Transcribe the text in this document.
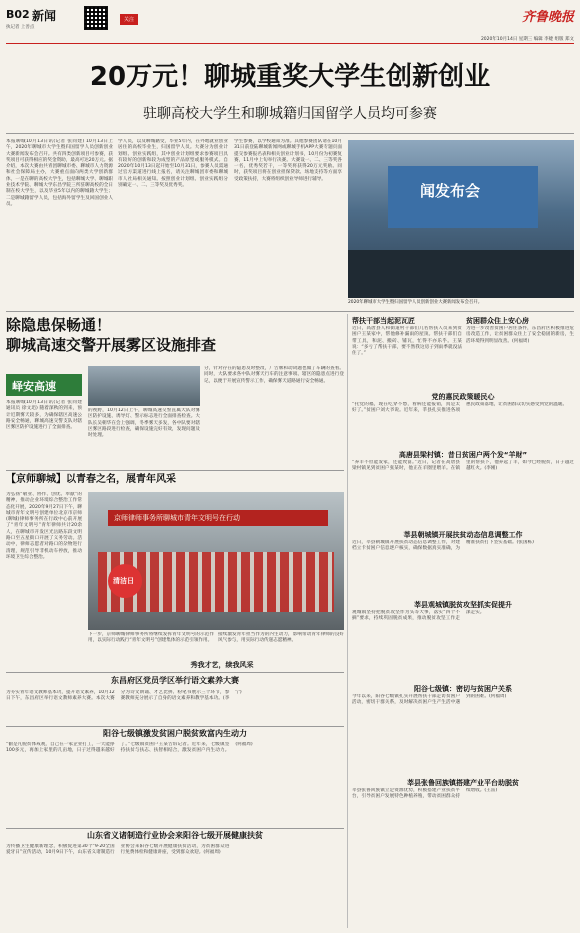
B02 新闻
执记者 上善点
关注	齐鲁晚报
2020年10月14日 星期三 编辑 李婕 组版 郑文
20万元！聊城重奖大学生创新创业
驻聊高校大学生和聊城籍归国留学人员均可参赛
本报聊城10月13日讯(记者 张同建) 10月13日上午，2020年聊城市大学生暨归国留学人员创新创业大赛新闻发布会召开。共有四类创新项目可参赛，获奖项目可获得相应的奖金资助，最高可达20万元。据介绍，本次大赛由共青团聊城市委、聊城市人力资源和社会保障局主办，大赛重点面向两类大学创新群体，一是在聊的高校大学生，包括聊城大学、聊城职业技术学院、聊城大学东昌学院三所驻聊高校的全日制在校大学生，以及毕业5年以内的聊城籍大学生；二是聊城籍留学人员，包括海外留学生及回国创业人员。
学人员，以及聊城籍受，毕业5年内，在外地就业创业居住的高校毕业生，归国留学人员。大赛分为创业计划组、创业实践组，其中创业计划组要求参赛项目具有较好的创新和较为成型的产品原型或服务模式。自2020年10月13日起开始至10月31日，参赛人员需通过官方渠道进行线上报名，请关注聊城团市委和聊城市人社局相关通知。按照创业计划组、创业实践组分别确定一、二、三等奖及优秀奖。
学生参赛，以学校通知为准。其他参赛团队请在10月31日前登陆聊城新闻网或聊城手机APP大赛专题页面提交参赛报名表和相关创业计划书，10月份为初赛复赛，11月中上旬举行决赛。大赛设一、二、三等奖各一名，优秀奖若干，一等奖将获得20万元奖励。同时，获奖项目将在创业担保贷款、场地支持等方面享受政策扶持，大赛将组织创业导师进行辅导。
闻发布会
2020年聊城市大学生暨归国留学人员创新创业大赛新闻发布会召开。
除隐患保畅通！
聊城高速交警开展雾区设施排查
峄安高速
本报聊城10月13日讯(记者 张同建 通讯员 徐文迅) 随着深秋的到来，预计近期雾天较多，为确保辖区高速公路安全畅通，聊城高速交警支队对辖区雾区防护设施进行了全面排查。
的视野，10月12日上午，聊城高速交警直属大队对雾区防护设施、诱导灯、警示标志进行全面排查检查。大队长吴朝华在会上强调，冬季雾天多发，各中队要对辖区雾区路段进行检查，确保设施完好有效，发现问题及时处理。
分，针对存在的隐患及时整改，广告牌和动词题也做了车辆的查看。同时，大队要求各中队对雾天行车的注意事项、辖区的隐患点进行登记，以便于开展宣传警示工作，确保雾天道路通行安全畅通。
【京师聊城】以青春之名，展青年风采
为弘扬“敬业、协作、创优、奉献”的精神，推动企业环境综合整治工作常态化开展，2020年9月27日下午，聊城市青年文明号创建单位北京市京师(聊城)律师事务所在行政中心前开展了“青年文明号”青年律师共计20余人，在聊城市开发区光岳路东段文明路口至五星街口开展了义务劳动。活动中，律师志愿者对路口的杂物进行清理，规范引导非机动车停放，推动环境卫生综合整治。
京师律师事务所聊城市青年文明号在行动
清洁日
下一步，京师聊城律师事务所将继续发挥青年文明号的示范作用，以实际行动践行“青年文明号”创建集体的示范引领作用。
接续激发青年担当作为的内生动力，影响带动青年律师的良好风气参与，用实际行动传递志愿精神。
秀我才艺，续我风采
东昌府区党员学区举行语文素养大赛
为夯实青年语文教师基本功，提升语文素养，10月12日下午，东昌府区举行语文教师素养大赛。本次大赛分为诗文朗诵、才艺比拼、粉笔书展示三个环节，参赛教师充分展示了自身的语文素养和教学基本功。(李宁)
阳谷七级镇激发贫困户脱贫致富内生动力
“偷是凡脱贫体戒观，自己在一家企业打工，一天能挣100多元，再加上家里的几亩地，日子过得越来越好了。”七级镇贫困户王某告诉记者。近年来，七级镇坚持扶贫与扶志、扶智相结合，激发贫困户内生动力。(何福周)
山东省义诸制造行业协会来阳谷七级开展健康扶贫
为传播卫生健康新理念，积极促进第30个“9·20全国爱牙日”宣传活动，10月9日下午，山东省义诸制造行业协会来阳谷七级开展健康扶贫活动，为贫困群众进行免费体检和健康讲座，受到群众欢迎。(何福周)
帮扶干部当起泥瓦匠
近日，高唐县人和街道村干部们几名帮扶人员来到贫困户王某家中，帮他修补漏雨的屋顶。帮扶干部们自带工具，和泥、搬砖、铺瓦，忙得不亦乐乎。王某说：“多亏了帮扶干部，要不然我这房子到雨季就没法住了。”
贫困群众住上安心房
为进一步改善贫困户居住条件，东昌府区积极推进危房改造工作，让贫困群众住上了安全稳固的新房，生活环境得到明显改善。(何福周)
党的惠民政策暖民心
“托党的福，现在吃穿不愁，看病还能报销，真是太好了。”贫困户刘大爷说。近年来，莘县扎实推进各项惠民政策落地，让贫困群众切实感受到党的温暖。
高唐县梁村镇：昔日贫困户两个发“羊财”
“养羊不但能发家，还能致富。”近日，记者在高唐县梁村镇见到贫困户张某时，他正在羊圈里喂羊。在镇里的帮扶下，他养起了羊，如今已经脱贫，日子越过越红火。(李刚)
莘县朝城镇开展扶贫动态信息调整工作
近日，莘县朝城镇开展扶贫动态信息调整工作，对建档立卡贫困户信息逐户核实，确保数据真实准确，为精准扶贫打下坚实基础。(张国栋)
莘县观城镇脱贫攻坚抓实促提升
观城镇坚持把脱贫攻坚作为头等大事，落实“四个不摘”要求，持续巩固脱贫成果，推动脱贫攻坚工作走深走实。
阳谷七级镇：密切与贫困户关系
今年以来，阳谷七级镇扎实开展帮扶干部走访贫困户活动，密切干群关系，及时解决贫困户生产生活中遇到的困难。(何福周)
莘县张鲁回族镇搭建产业平台助脱贫
莘县张鲁回族镇立足资源优势，积极搭建产业扶贫平台，引导贫困户发展特色种植养殖，带动贫困群众持续增收。(王雷)
